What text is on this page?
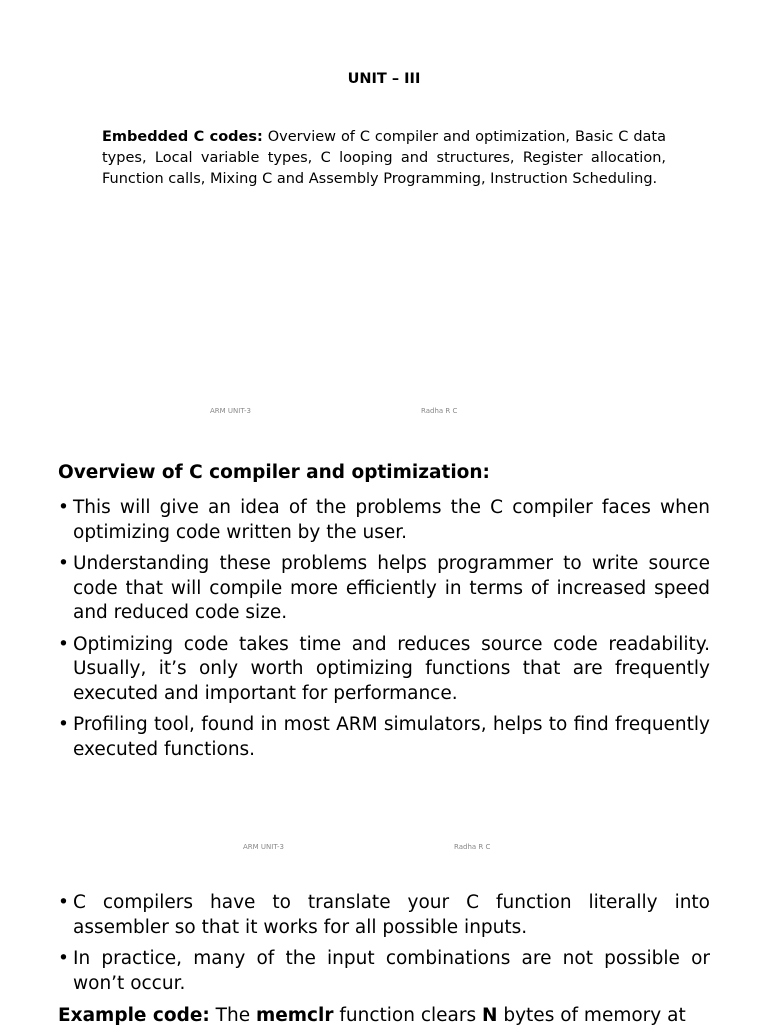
UNIT – III
Embedded C codes: Overview of C compiler and optimization, Basic C data types, Local variable types, C looping and structures, Register allocation, Function calls, Mixing C and Assembly Programming, Instruction Scheduling.
ARM UNIT-3	Radha R C
Overview of C compiler and optimization:
• This will give an idea of the problems the C compiler faces when optimizing code written by the user.
• Understanding these problems helps programmer to write source code that will compile more efficiently in terms of increased speed and reduced code size.
• Optimizing code takes time and reduces source code readability. Usually, it’s only worth optimizing functions that are frequently executed and important for performance.
• Profiling tool, found in most ARM simulators, helps to find frequently executed functions.
ARM UNIT-3	Radha R C
• C compilers have to translate your C function literally into assembler so that it works for all possible inputs.
• In practice, many of the input combinations are not possible or won’t occur.
Example code: The memclr function clears N bytes of memory at
